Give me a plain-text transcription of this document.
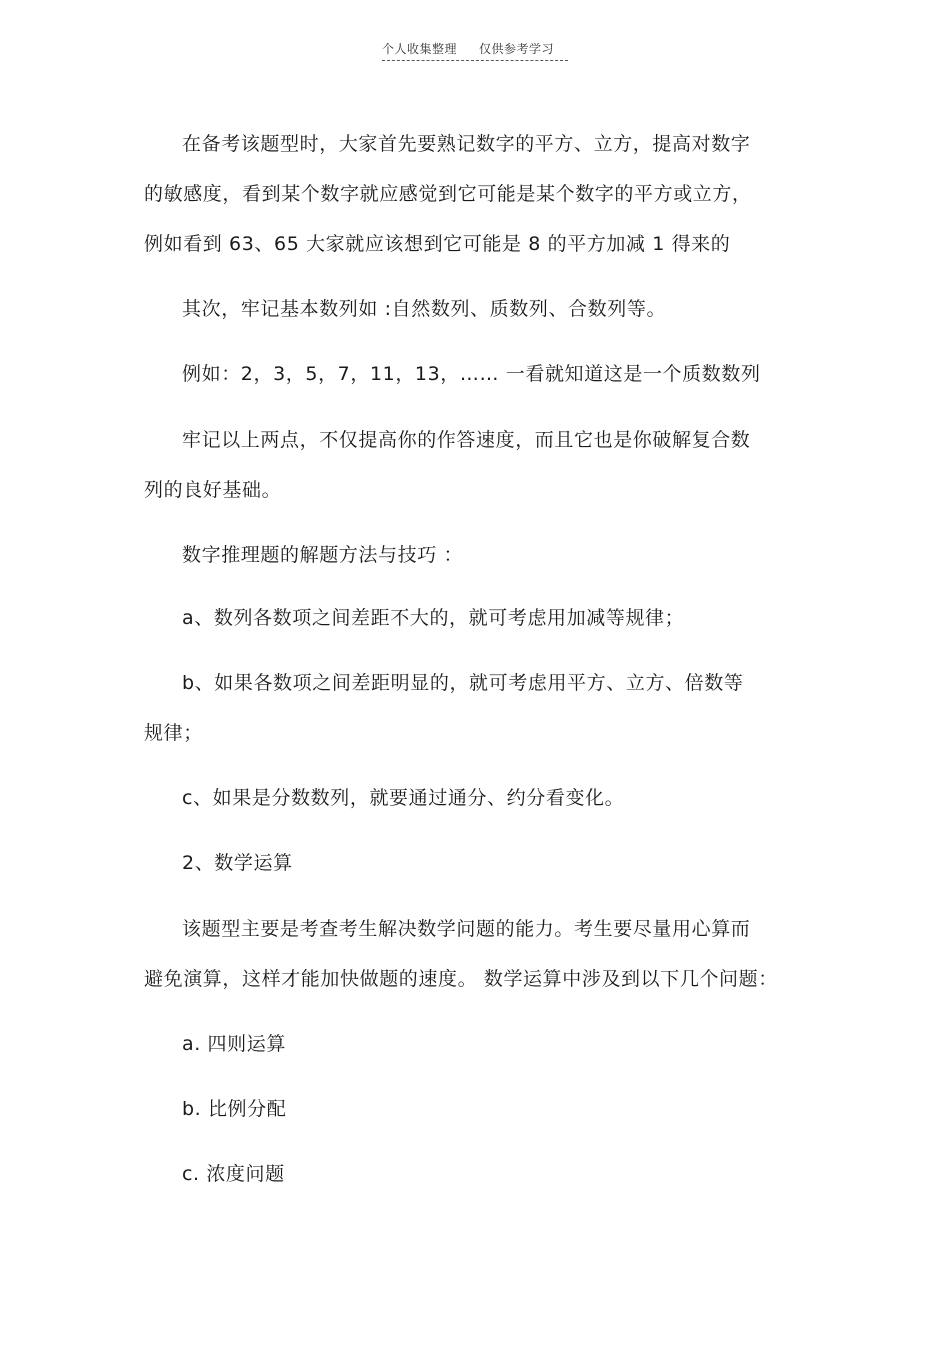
个人收集整理 仅供参考学习
在备考该题型时，大家首先要熟记数字的平方、立方，提高对数字
的敏感度，看到某个数字就应感觉到它可能是某个数字的平方或立方，
例如看到 63、65 大家就应该想到它可能是 8 的平方加减 1 得来的
其次，牢记基本数列如 :自然数列、质数列、合数列等。
例如：2，3，5，7，11，13，…… 一看就知道这是一个质数数列
牢记以上两点，不仅提高你的作答速度，而且它也是你破解复合数
列的良好基础。
数字推理题的解题方法与技巧 ：
a、数列各数项之间差距不大的，就可考虑用加减等规律；
b、如果各数项之间差距明显的，就可考虑用平方、立方、倍数等
规律；
c、如果是分数数列，就要通过通分、约分看变化。
2、数学运算
该题型主要是考查考生解决数学问题的能力。考生要尽量用心算而
避免演算，这样才能加快做题的速度。 数学运算中涉及到以下几个问题：
a. 四则运算
b. 比例分配
c. 浓度问题
